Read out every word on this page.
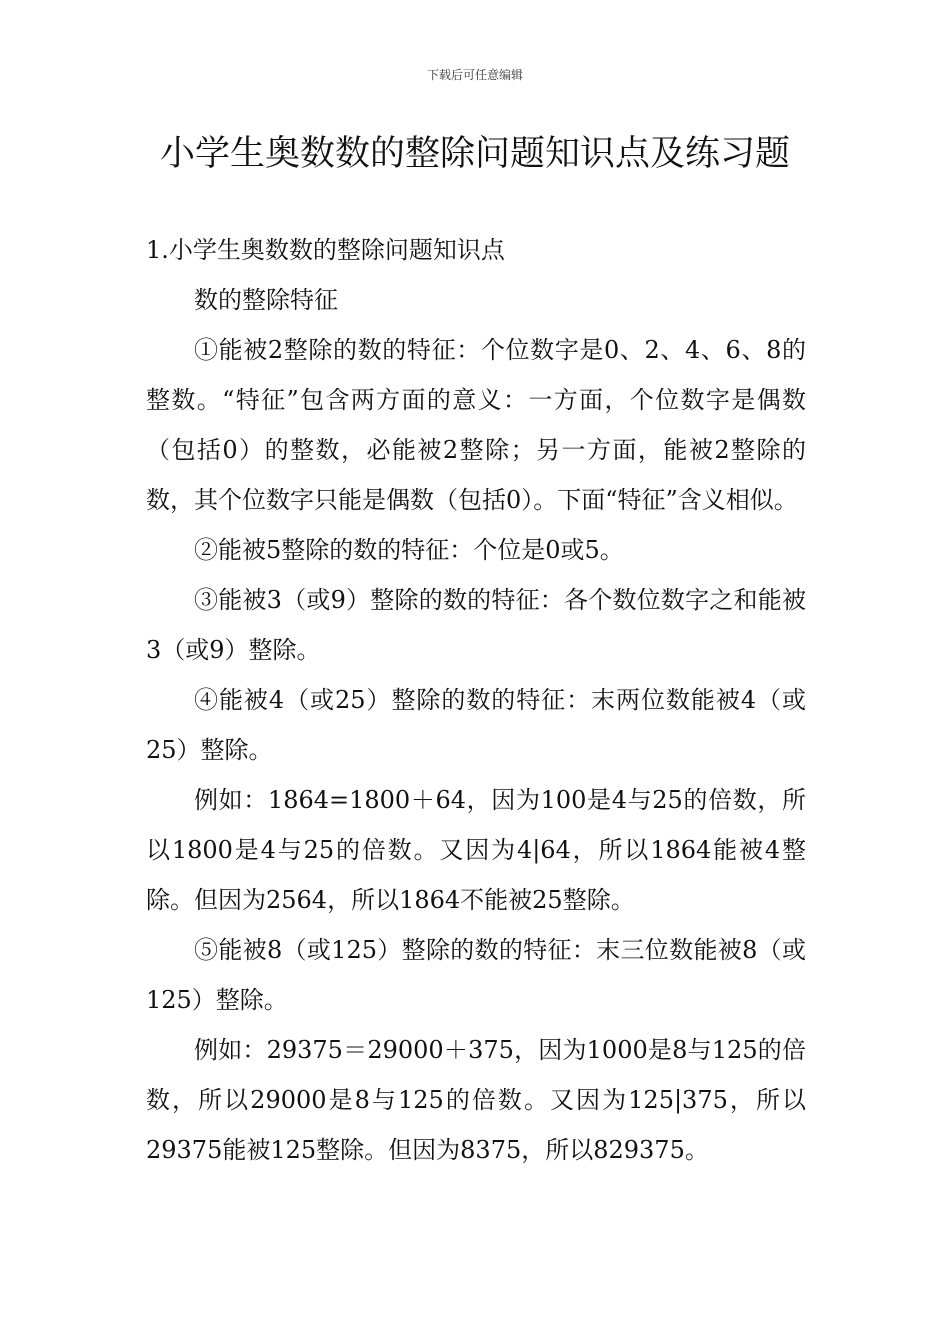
下载后可任意编辑
小学生奥数数的整除问题知识点及练习题

1.小学生奥数数的整除问题知识点

数的整除特征

①能被2整除的数的特征：个位数字是0、2、4、6、8的整数。“特征”包含两方面的意义：一方面，个位数字是偶数（包括0）的整数，必能被2整除；另一方面，能被2整除的数，其个位数字只能是偶数（包括0）。下面“特征”含义相似。

②能被5整除的数的特征：个位是0或5。

③能被3（或9）整除的数的特征：各个数位数字之和能被3（或9）整除。

④能被4（或25）整除的数的特征：末两位数能被4（或25）整除。

例如：1864=1800＋64，因为100是4与25的倍数，所以1800是4与25的倍数。又因为4|64，所以1864能被4整除。但因为2564，所以1864不能被25整除。

⑤能被8（或125）整除的数的特征：末三位数能被8（或125）整除。

例如：29375＝29000＋375，因为1000是8与125的倍数，所以29000是8与125的倍数。又因为125|375，所以29375能被125整除。但因为8375，所以829375。
